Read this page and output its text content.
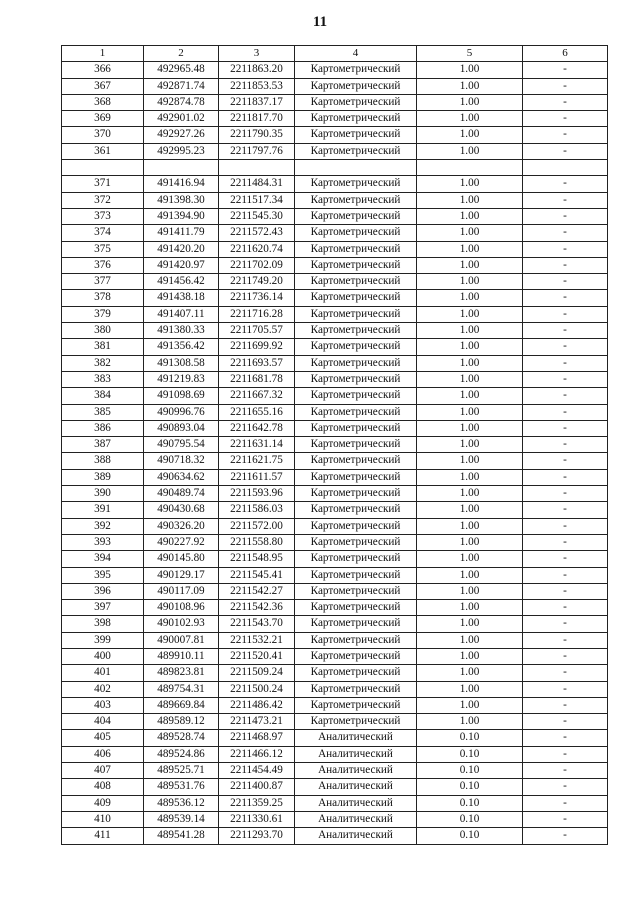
11
1	2	3	4	5	6
366	492965.48	2211863.20	Картометрический	1.00	-
367	492871.74	2211853.53	Картометрический	1.00	-
368	492874.78	2211837.17	Картометрический	1.00	-
369	492901.02	2211817.70	Картометрический	1.00	-
370	492927.26	2211790.35	Картометрический	1.00	-
361	492995.23	2211797.76	Картометрический	1.00	-

371	491416.94	2211484.31	Картометрический	1.00	-
372	491398.30	2211517.34	Картометрический	1.00	-
373	491394.90	2211545.30	Картометрический	1.00	-
374	491411.79	2211572.43	Картометрический	1.00	-
375	491420.20	2211620.74	Картометрический	1.00	-
376	491420.97	2211702.09	Картометрический	1.00	-
377	491456.42	2211749.20	Картометрический	1.00	-
378	491438.18	2211736.14	Картометрический	1.00	-
379	491407.11	2211716.28	Картометрический	1.00	-
380	491380.33	2211705.57	Картометрический	1.00	-
381	491356.42	2211699.92	Картометрический	1.00	-
382	491308.58	2211693.57	Картометрический	1.00	-
383	491219.83	2211681.78	Картометрический	1.00	-
384	491098.69	2211667.32	Картометрический	1.00	-
385	490996.76	2211655.16	Картометрический	1.00	-
386	490893.04	2211642.78	Картометрический	1.00	-
387	490795.54	2211631.14	Картометрический	1.00	-
388	490718.32	2211621.75	Картометрический	1.00	-
389	490634.62	2211611.57	Картометрический	1.00	-
390	490489.74	2211593.96	Картометрический	1.00	-
391	490430.68	2211586.03	Картометрический	1.00	-
392	490326.20	2211572.00	Картометрический	1.00	-
393	490227.92	2211558.80	Картометрический	1.00	-
394	490145.80	2211548.95	Картометрический	1.00	-
395	490129.17	2211545.41	Картометрический	1.00	-
396	490117.09	2211542.27	Картометрический	1.00	-
397	490108.96	2211542.36	Картометрический	1.00	-
398	490102.93	2211543.70	Картометрический	1.00	-
399	490007.81	2211532.21	Картометрический	1.00	-
400	489910.11	2211520.41	Картометрический	1.00	-
401	489823.81	2211509.24	Картометрический	1.00	-
402	489754.31	2211500.24	Картометрический	1.00	-
403	489669.84	2211486.42	Картометрический	1.00	-
404	489589.12	2211473.21	Картометрический	1.00	-
405	489528.74	2211468.97	Аналитический	0.10	-
406	489524.86	2211466.12	Аналитический	0.10	-
407	489525.71	2211454.49	Аналитический	0.10	-
408	489531.76	2211400.87	Аналитический	0.10	-
409	489536.12	2211359.25	Аналитический	0.10	-
410	489539.14	2211330.61	Аналитический	0.10	-
411	489541.28	2211293.70	Аналитический	0.10	-
